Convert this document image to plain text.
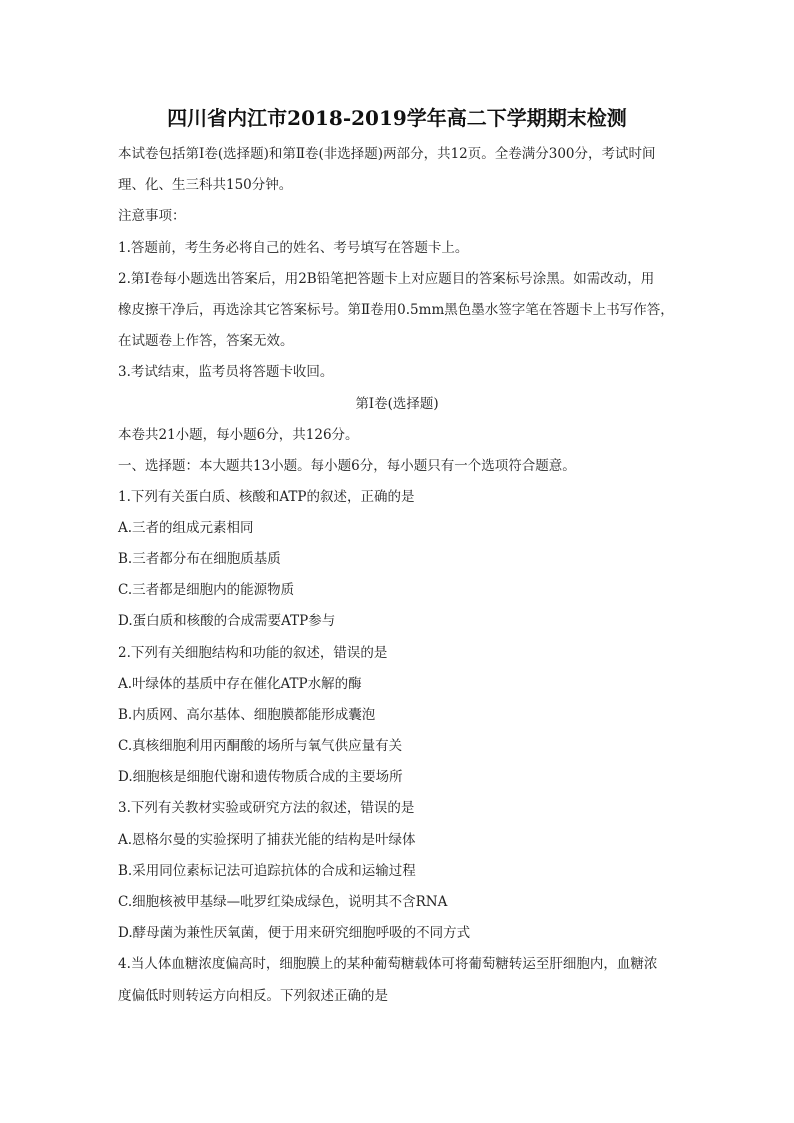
四川省内江市2018-2019学年高二下学期期末检测
本试卷包括第Ⅰ卷(选择题)和第Ⅱ卷(非选择题)两部分，共12页。全卷满分300分，考试时间
理、化、生三科共150分钟。
注意事项：
1.答题前，考生务必将自己的姓名、考号填写在答题卡上。
2.第Ⅰ卷每小题选出答案后，用2B铅笔把答题卡上对应题目的答案标号涂黑。如需改动，用
橡皮擦干净后，再选涂其它答案标号。第Ⅱ卷用0.5mm黑色墨水签字笔在答题卡上书写作答，
在试题卷上作答，答案无效。
3.考试结束，监考员将答题卡收回。
第Ⅰ卷(选择题)
本卷共21小题，每小题6分，共126分。
一、选择题：本大题共13小题。每小题6分，每小题只有一个选项符合题意。
1.下列有关蛋白质、核酸和ATP的叙述，正确的是
A.三者的组成元素相同
B.三者都分布在细胞质基质
C.三者都是细胞内的能源物质
D.蛋白质和核酸的合成需要ATP参与
2.下列有关细胞结构和功能的叙述，错误的是
A.叶绿体的基质中存在催化ATP水解的酶
B.内质网、高尔基体、细胞膜都能形成囊泡
C.真核细胞利用丙酮酸的场所与氧气供应量有关
D.细胞核是细胞代谢和遗传物质合成的主要场所
3.下列有关教材实验或研究方法的叙述，错误的是
A.恩格尔曼的实验探明了捕获光能的结构是叶绿体
B.采用同位素标记法可追踪抗体的合成和运输过程
C.细胞核被甲基绿—吡罗红染成绿色，说明其不含RNA
D.酵母菌为兼性厌氧菌，便于用来研究细胞呼吸的不同方式
4.当人体血糖浓度偏高时，细胞膜上的某种葡萄糖载体可将葡萄糖转运至肝细胞内，血糖浓
度偏低时则转运方向相反。下列叙述正确的是
